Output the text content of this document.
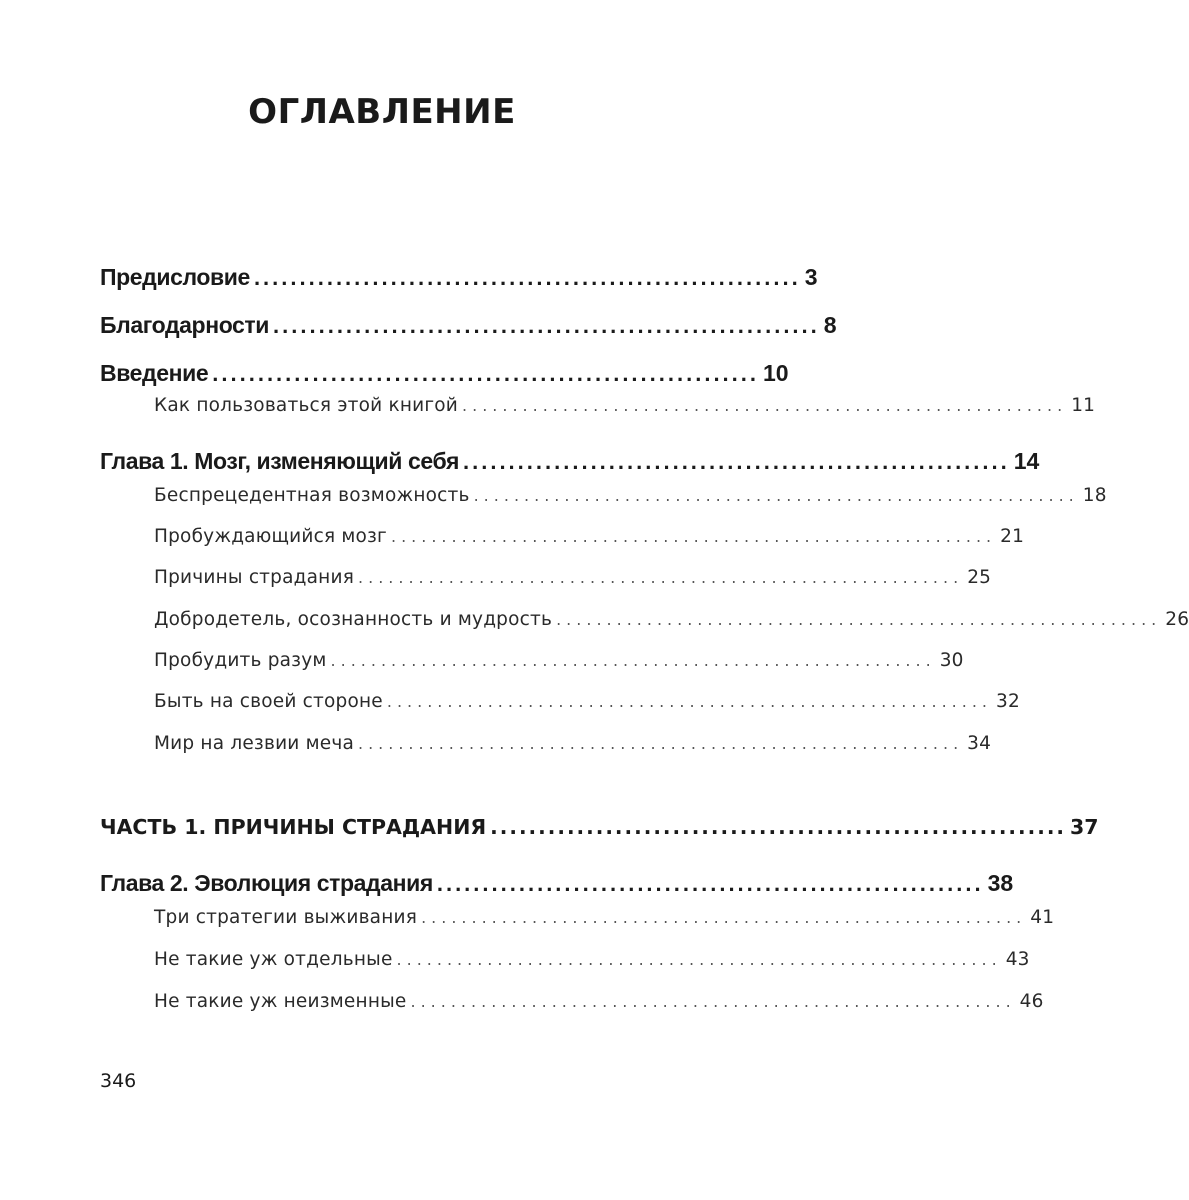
ОГЛАВЛЕНИЕ
Предисловие ............................................................ 3
Благодарности ............................................................ 8
Введение ............................................................ 10
Как пользоваться этой книгой ............................................................ 11
Глава 1. Мозг, изменяющий себя ............................................................ 14
Беспрецедентная возможность ............................................................ 18
Пробуждающийся мозг ............................................................ 21
Причины страдания ............................................................ 25
Добродетель, осознанность и мудрость ............................................................ 26
Пробудить разум ............................................................ 30
Быть на своей стороне ............................................................ 32
Мир на лезвии меча ............................................................ 34
ЧАСТЬ 1. ПРИЧИНЫ СТРАДАНИЯ ............................................................ 37
Глава 2. Эволюция страдания ............................................................ 38
Три стратегии выживания ............................................................ 41
Не такие уж отдельные ............................................................ 43
Не такие уж неизменные ............................................................ 46
346
